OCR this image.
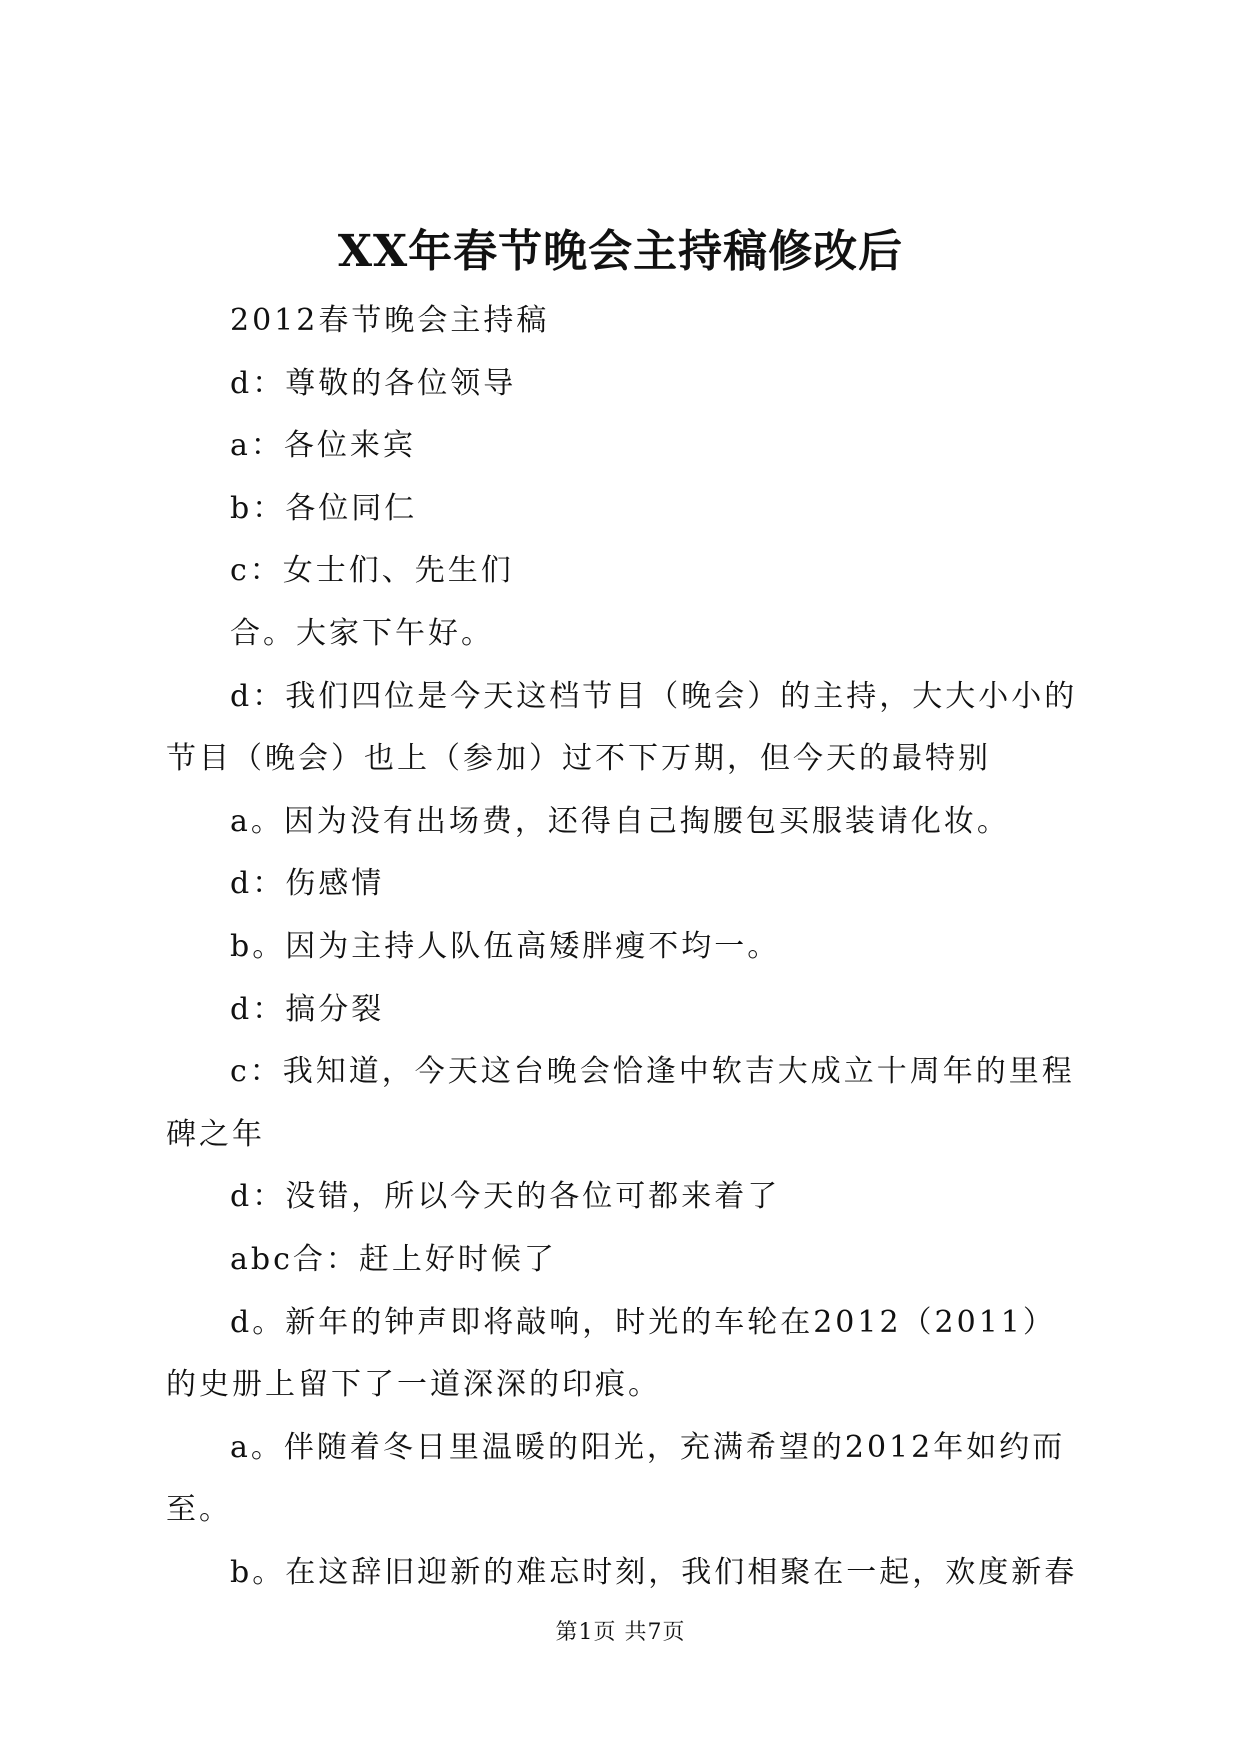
XX年春节晚会主持稿修改后

2012春节晚会主持稿

d：尊敬的各位领导

a：各位来宾

b：各位同仁

c：女士们、先生们

合。大家下午好。

d：我们四位是今天这档节目（晚会）的主持，大大小小的节目（晚会）也上（参加）过不下万期，但今天的最特别

a。因为没有出场费，还得自己掏腰包买服装请化妆。

d：伤感情

b。因为主持人队伍高矮胖瘦不均一。

d：搞分裂

c：我知道，今天这台晚会恰逢中软吉大成立十周年的里程碑之年

d：没错，所以今天的各位可都来着了

abc合：赶上好时候了

d。新年的钟声即将敲响，时光的车轮在2012（2011）的史册上留下了一道深深的印痕。

a。伴随着冬日里温暖的阳光，充满希望的2012年如约而至。

b。在这辞旧迎新的难忘时刻，我们相聚在一起，欢度新春

第1页 共7页
